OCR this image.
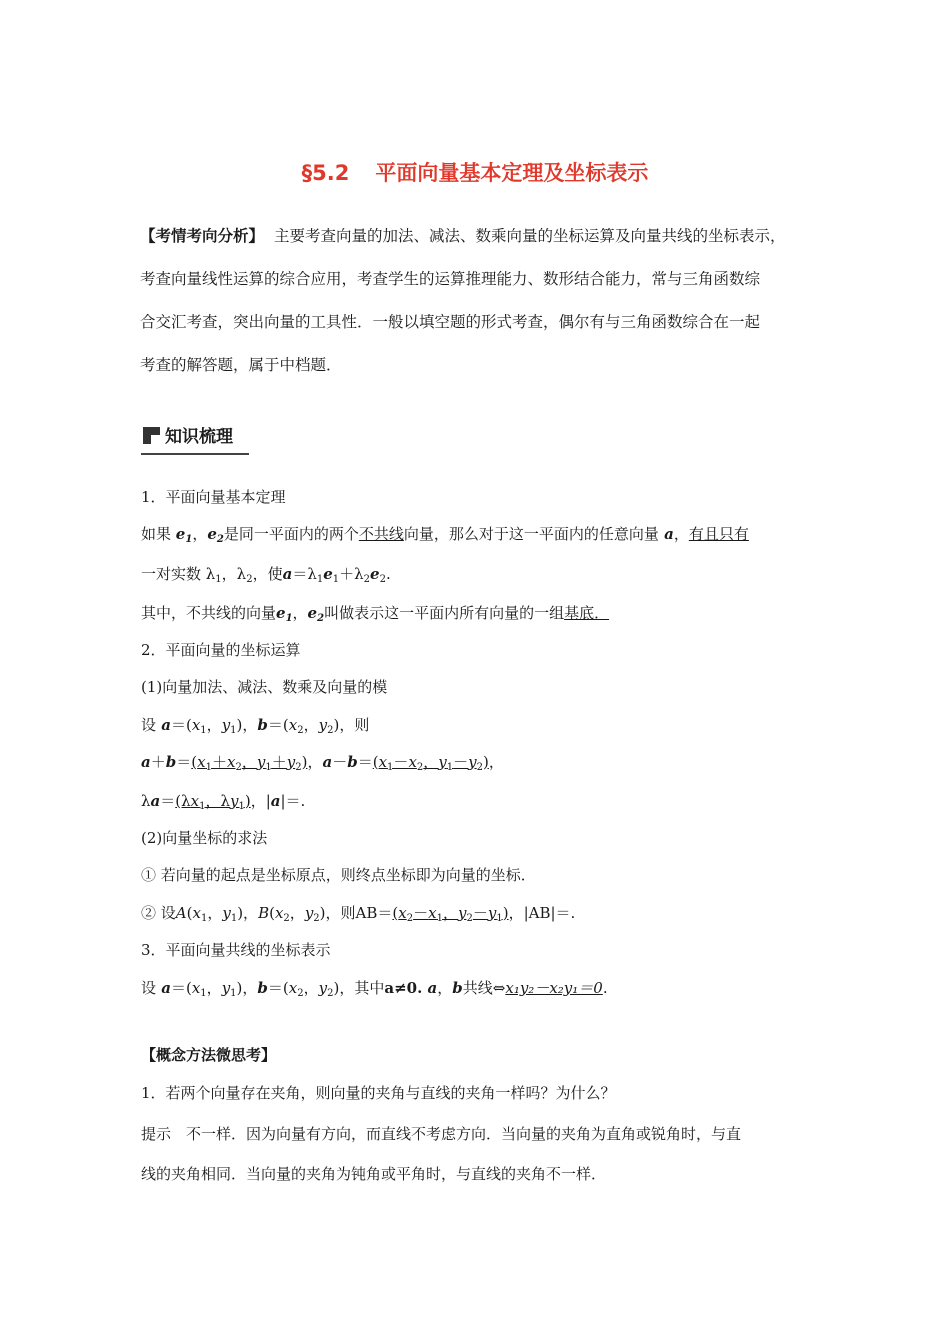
§5.2 平面向量基本定理及坐标表示
【考情考向分析】 主要考查向量的加法、减法、数乘向量的坐标运算及向量共线的坐标表示，
考查向量线性运算的综合应用，考查学生的运算推理能力、数形结合能力，常与三角函数综
合交汇考查，突出向量的工具性．一般以填空题的形式考查，偶尔有与三角函数综合在一起
考查的解答题，属于中档题．
知识梳理
1．平面向量基本定理
如果 $e_1$，$e_2$是同一平面内的两个不共线向量，那么对于这一平面内的任意向量 a，有且只有
一对实数 $\lambda_1$，$\lambda_2$，使$a=\lambda_1e_1+\lambda_2e_2$.
其中，不共线的向量$e_1$，$e_2$叫做表示这一平面内所有向量的一组基底．
2．平面向量的坐标运算
(1)向量加法、减法、数乘及向量的模
设 $a=(x_1$，$y_1$)，$b=(x_2$，$y_2$)，则
$a+b=(x_1+x_2$，$y_1+y_2$)，$a-b=(x_1-x_2$，$y_1-y_2$)，
$\lambda a=(\lambda x_1$，$\lambda y_1$)，|a|＝.
(2)向量坐标的求法
① 若向量的起点是坐标原点，则终点坐标即为向量的坐标．
② 设$A(x_1$，$y_1$)，$B(x_2$，$y_2$)，则$AB=(x_2-x_1$，$y_2-y_1$)，|AB|＝.
3．平面向量共线的坐标表示
设 $a=(x_1$，$y_1$)，$b=(x_2$，$y_2$)，其中a≠0. a，b共线⇔x₁y₂－x₂y₁＝0.
【概念方法微思考】
1．若两个向量存在夹角，则向量的夹角与直线的夹角一样吗？为什么？
提示　不一样．因为向量有方向，而直线不考虑方向．当向量的夹角为直角或锐角时，与直
线的夹角相同．当向量的夹角为钝角或平角时，与直线的夹角不一样．
